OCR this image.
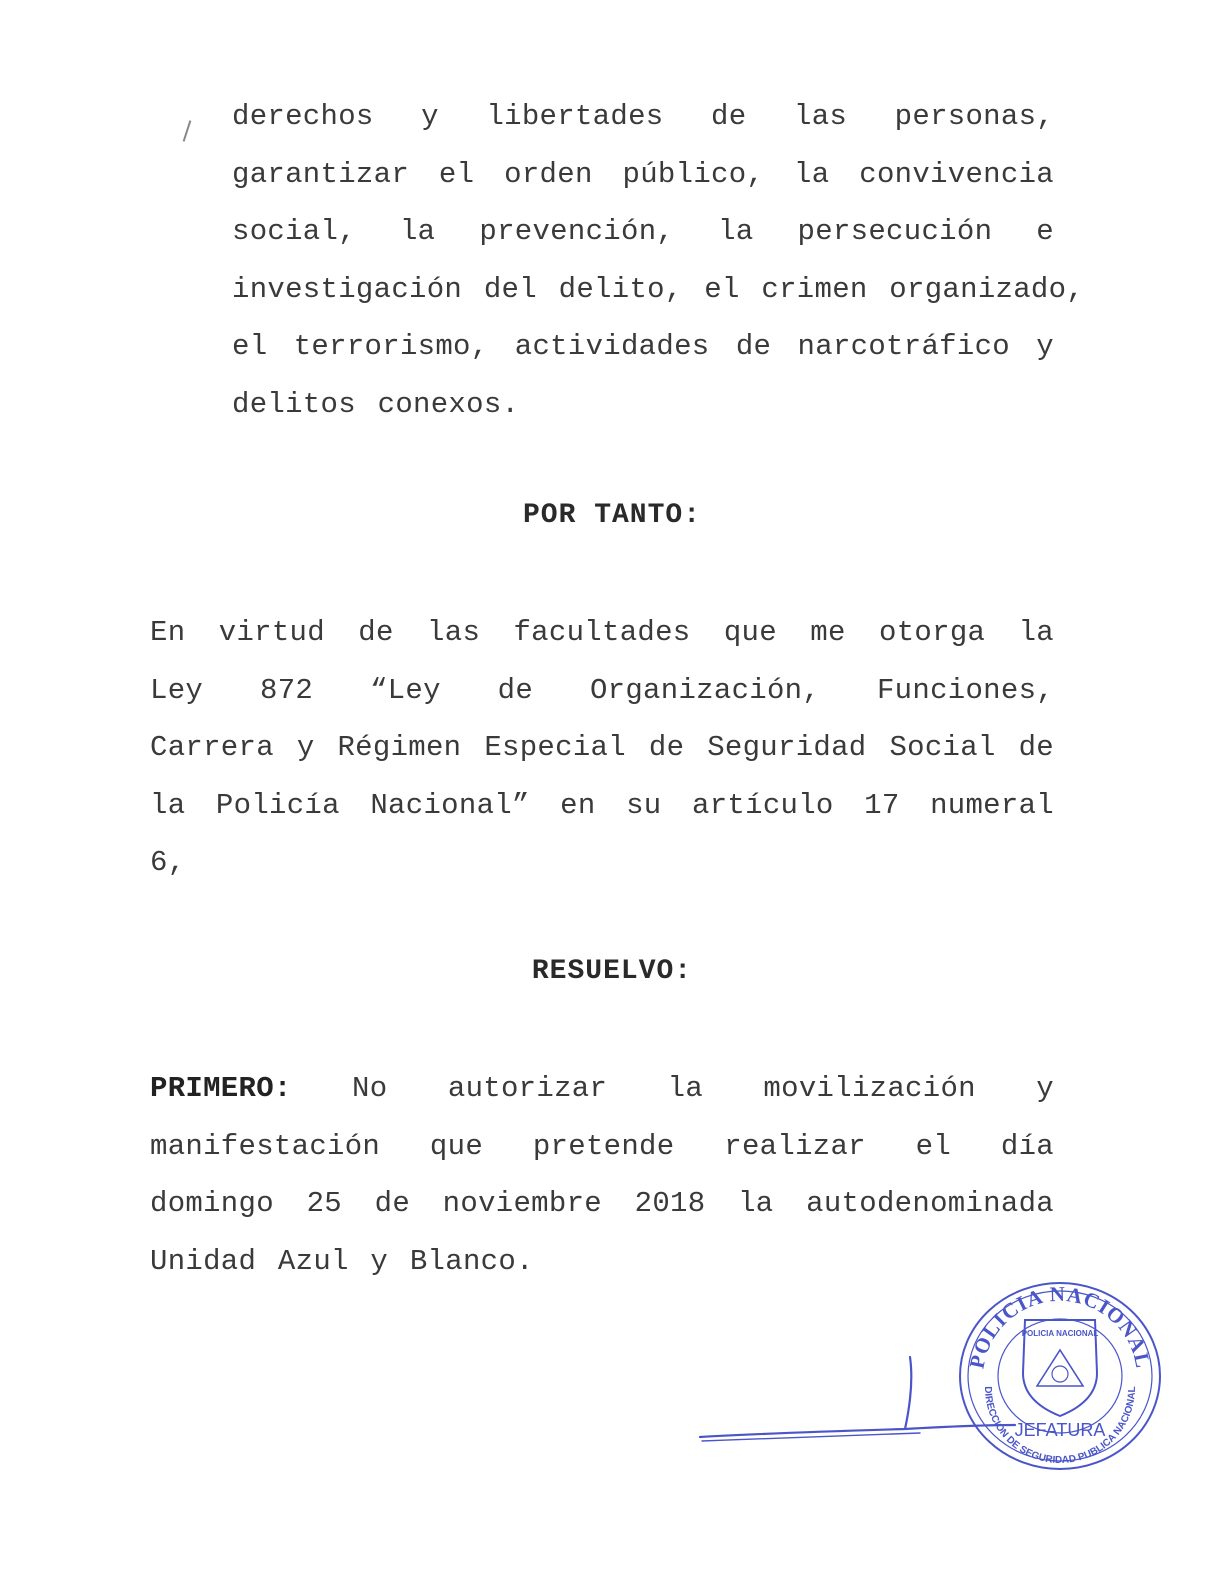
derechos y libertades de las personas,
garantizar el orden público, la convivencia
social, la prevención, la persecución e
investigación del delito, el crimen organizado,
el terrorismo, actividades de narcotráfico y
delitos conexos.
POR TANTO:
En virtud de las facultades que me otorga la
Ley 872 “Ley de Organización, Funciones,
Carrera y Régimen Especial de Seguridad Social de
la Policía Nacional” en su artículo 17 numeral
6,
RESUELVO:
PRIMERO: No autorizar la movilización y
manifestación que pretende realizar el día
domingo 25 de noviembre 2018 la autodenominada
Unidad Azul y Blanco.
POLICIA NACIONAL
DIRECCION DE SEGURIDAD PUBLICA NACIONAL
POLICIA NACIONAL
JEFATURA
